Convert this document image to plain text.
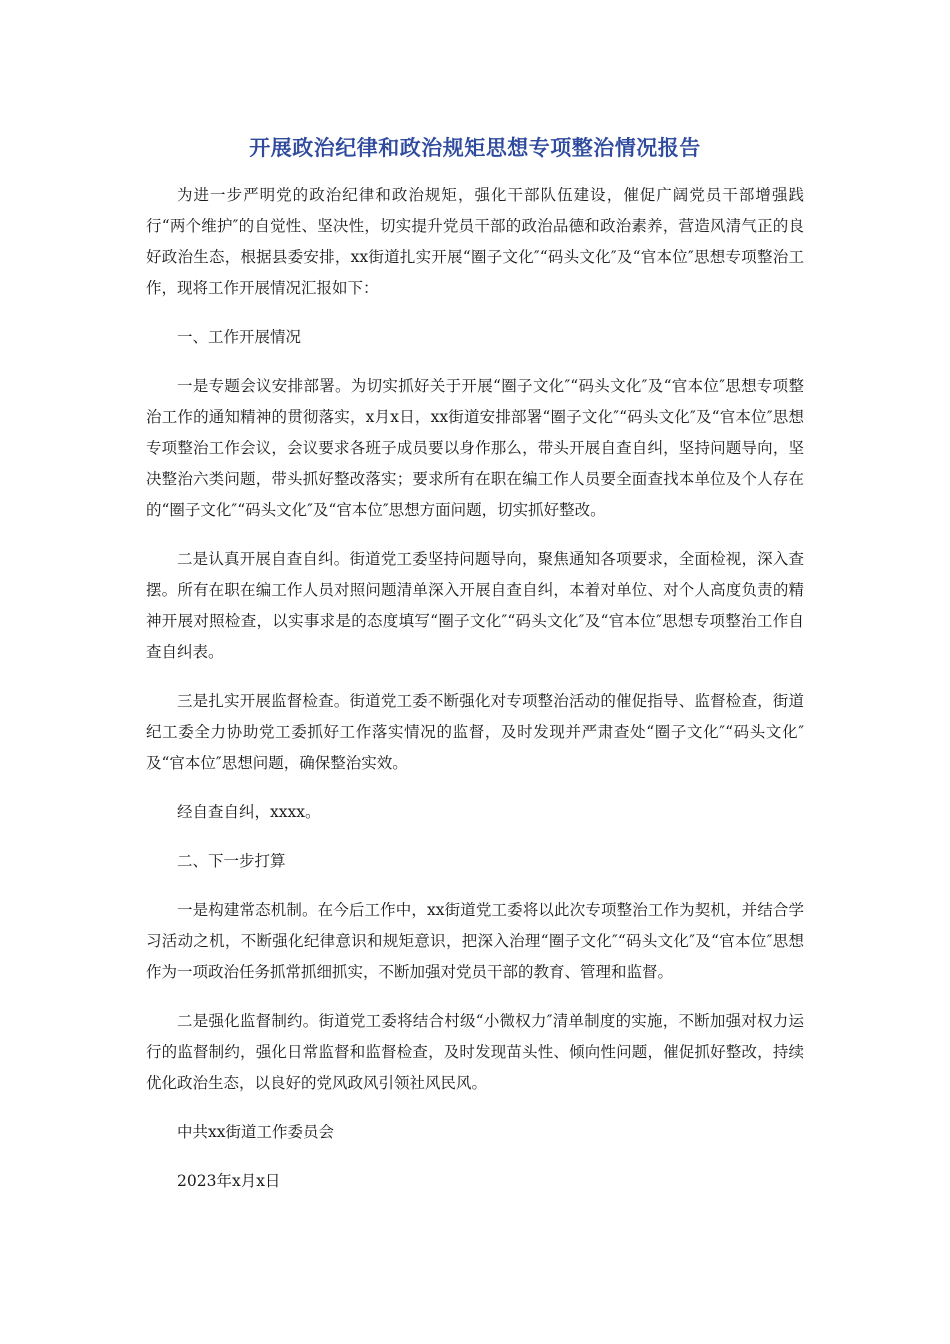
开展政治纪律和政治规矩思想专项整治情况报告

为进一步严明党的政治纪律和政治规矩，强化干部队伍建设，催促广阔党员干部增强践行“两个维护″的自觉性、坚决性，切实提升党员干部的政治品德和政治素养，营造风清气正的良好政治生态，根据县委安排，xx街道扎实开展“圈子文化″“码头文化″及“官本位″思想专项整治工作，现将工作开展情况汇报如下：

一、工作开展情况

一是专题会议安排部署。为切实抓好关于开展“圈子文化″“码头文化″及“官本位″思想专项整治工作的通知精神的贯彻落实，x月x日，xx街道安排部署“圈子文化″“码头文化″及“官本位″思想专项整治工作会议，会议要求各班子成员要以身作那么，带头开展自查自纠，坚持问题导向，坚决整治六类问题，带头抓好整改落实；要求所有在职在编工作人员要全面查找本单位及个人存在的“圈子文化″“码头文化″及“官本位″思想方面问题，切实抓好整改。

二是认真开展自查自纠。街道党工委坚持问题导向，聚焦通知各项要求，全面检视，深入查摆。所有在职在编工作人员对照问题清单深入开展自查自纠，本着对单位、对个人高度负责的精神开展对照检查，以实事求是的态度填写“圈子文化″“码头文化″及“官本位″思想专项整治工作自查自纠表。

三是扎实开展监督检查。街道党工委不断强化对专项整治活动的催促指导、监督检查，街道纪工委全力协助党工委抓好工作落实情况的监督，及时发现并严肃查处“圈子文化″“码头文化″及“官本位″思想问题，确保整治实效。

经自查自纠，xxxx。

二、下一步打算

一是构建常态机制。在今后工作中，xx街道党工委将以此次专项整治工作为契机，并结合学习活动之机，不断强化纪律意识和规矩意识，把深入治理“圈子文化″“码头文化″及“官本位″思想作为一项政治任务抓常抓细抓实，不断加强对党员干部的教育、管理和监督。

二是强化监督制约。街道党工委将结合村级“小微权力″清单制度的实施，不断加强对权力运行的监督制约，强化日常监督和监督检查，及时发现苗头性、倾向性问题，催促抓好整改，持续优化政治生态，以良好的党风政风引领社风民风。

中共xx街道工作委员会

2023年x月x日
